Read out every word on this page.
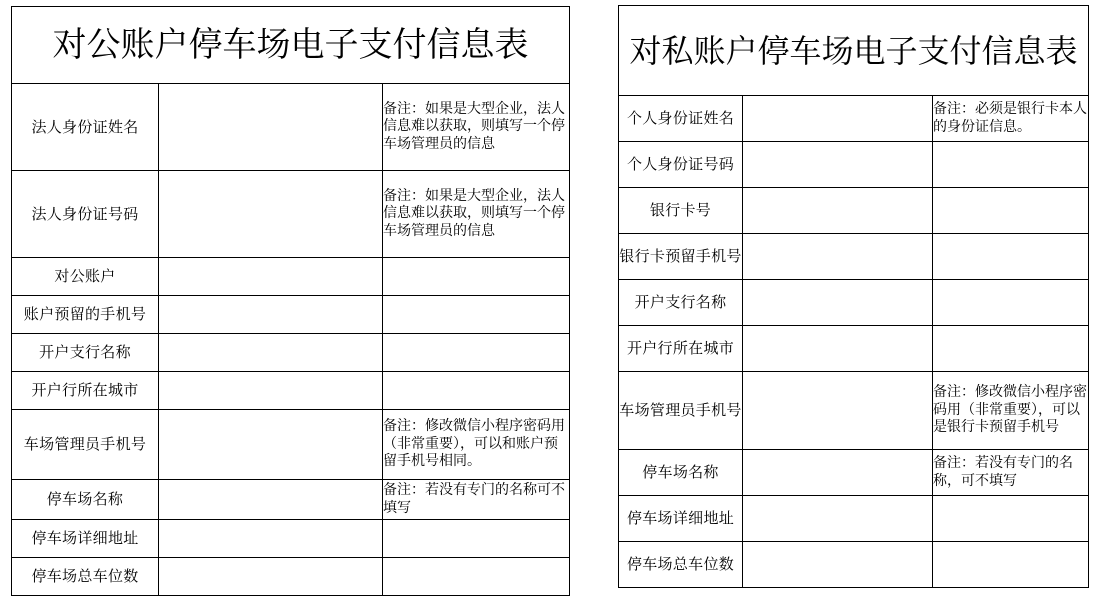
对公账户停车场电子支付信息表		
法人身份证姓名		备注：如果是大型企业，法人信息难以获取，则填写一个停车场管理员的信息
法人身份证号码		备注：如果是大型企业，法人信息难以获取，则填写一个停车场管理员的信息
对公账户		
账户预留的手机号		
开户支行名称		
开户行所在城市		
车场管理员手机号		备注：修改微信小程序密码用（非常重要），可以和账户预留手机号相同。
停车场名称		备注：若没有专门的名称可不填写
停车场详细地址		
停车场总车位数		
对私账户停车场电子支付信息表		
个人身份证姓名		备注：必须是银行卡本人的身份证信息。
个人身份证号码		
银行卡号		
银行卡预留手机号		
开户支行名称		
开户行所在城市		
车场管理员手机号		备注：修改微信小程序密码用（非常重要），可以是银行卡预留手机号
停车场名称		备注：若没有专门的名称，可不填写
停车场详细地址		
停车场总车位数		
